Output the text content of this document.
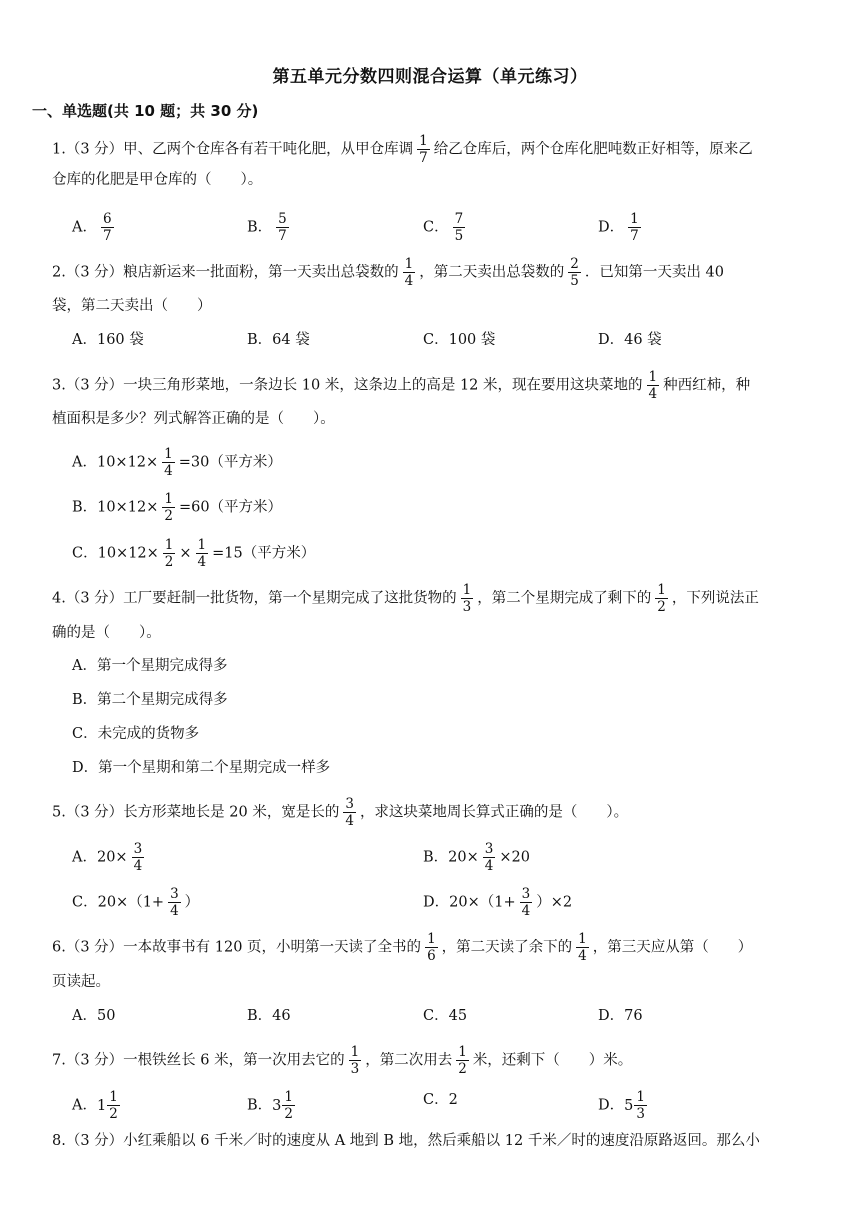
第五单元分数四则混合运算（单元练习）
一、单选题(共 10 题；共 30 分)
1.（3 分）甲、乙两个仓库各有若干吨化肥，从甲仓库调 $\frac{1}{7}$ 给乙仓库后，两个仓库化肥吨数正好相等，原来乙
仓库的化肥是甲仓库的（　　）。
A． $\frac{6}{7}$	B． $\frac{5}{7}$	C． $\frac{7}{5}$	D． $\frac{1}{7}$
2.（3 分）粮店新运来一批面粉，第一天卖出总袋数的 $\frac{1}{4}$ ，第二天卖出总袋数的 $\frac{2}{5}$ ．已知第一天卖出 40
袋，第二天卖出（　　）
A．160 袋	B．64 袋	C．100 袋	D．46 袋
3.（3 分）一块三角形菜地，一条边长 10 米，这条边上的高是 12 米，现在要用这块菜地的 $\frac{1}{4}$ 种西红柿，种
植面积是多少？列式解答正确的是（　　）。
A．$10\times 12\times \frac{1}{4} =30$（平方米）
B．$10\times 12\times \frac{1}{2} =60$（平方米）
C．$10\times 12\times \frac{1}{2} \times \frac{1}{4} =15$（平方米）
4.（3 分）工厂要赶制一批货物，第一个星期完成了这批货物的 $\frac{1}{3}$ ，第二个星期完成了剩下的 $\frac{1}{2}$ ，下列说法正
确的是（　　）。
A．第一个星期完成得多
B．第二个星期完成得多
C．未完成的货物多
D．第一个星期和第二个星期完成一样多
5.（3 分）长方形菜地长是 20 米，宽是长的 $\frac{3}{4}$ ，求这块菜地周长算式正确的是（　　）。
A．$20\times \frac{3}{4}$	B．$20\times \frac{3}{4} \times 20$
C．$20\times(1+ \frac{3}{4}$ ）	D．$20\times(1+ \frac{3}{4} )\times 2$
6.（3 分）一本故事书有 120 页，小明第一天读了全书的 $\frac{1}{6}$ ，第二天读了余下的 $\frac{1}{4}$ ，第三天应从第（　　）
页读起。
A．50	B．46	C．45	D．76
7.（3 分）一根铁丝长 6 米，第一次用去它的 $\frac{1}{3}$ ，第二次用去 $\frac{1}{2}$ 米，还剩下（　　）米。
A． $1 \frac{1}{2}$	B． $3 \frac{1}{2}$	C．2	D． $5 \frac{1}{3}$
8.（3 分）小红乘船以 6 千米／时的速度从 A 地到 B 地，然后乘船以 12 千米／时的速度沿原路返回。那么小
